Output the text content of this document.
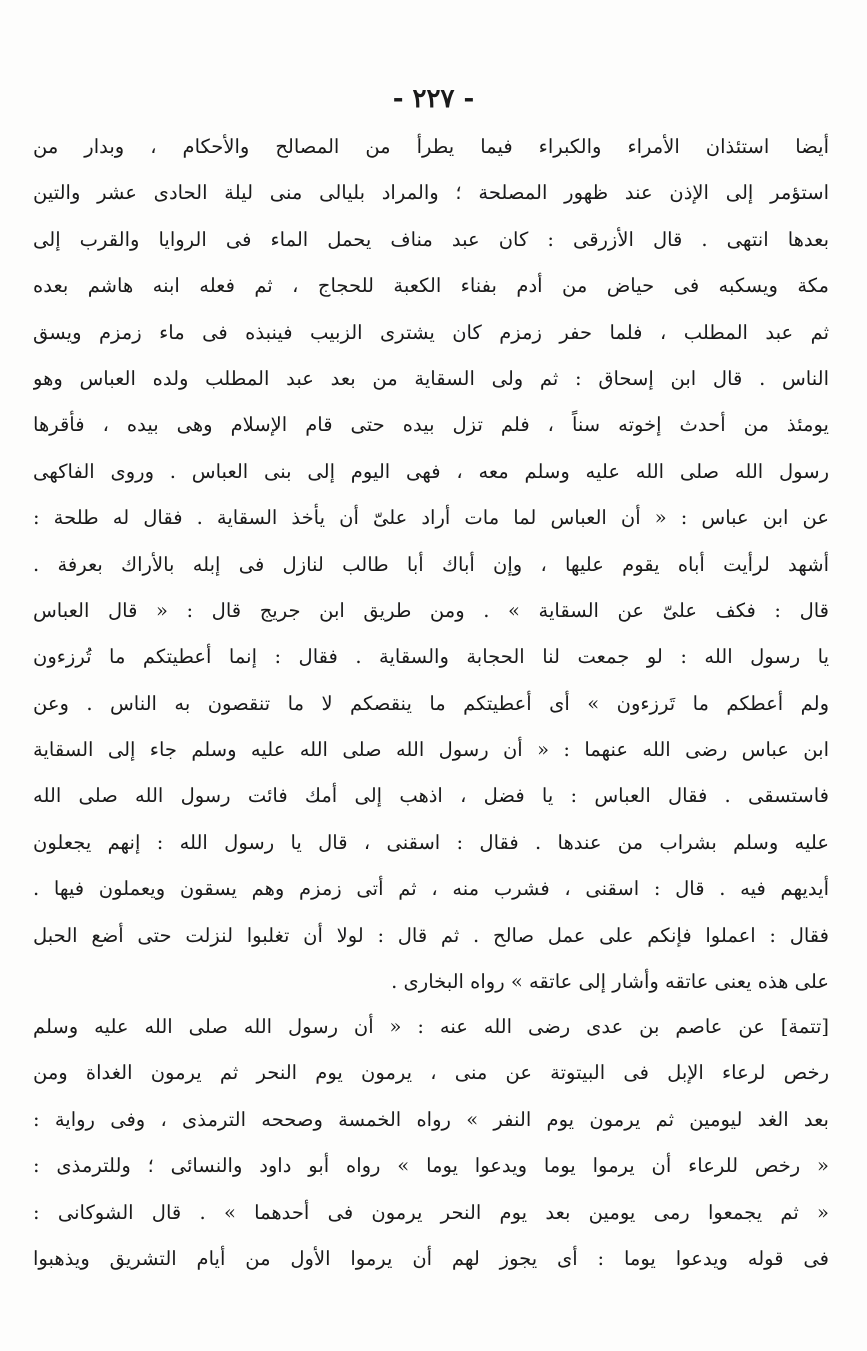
- ٢٢٧ -
أيضا استئذان الأمراء والكبراء فيما يطرأ من المصالح والأحكام ، وبدار من
استؤمر إلى الإذن عند ظهور المصلحة ؛ والمراد بليالى منى ليلة الحادى عشر والتين
بعدها انتهى . قال الأزرقى : كان عبد مناف يحمل الماء فى الروايا والقرب إلى
مكة ويسكبه فى حياض من أدم بفناء الكعبة للحجاج ، ثم فعله ابنه هاشم بعده
ثم عبد المطلب ، فلما حفر زمزم كان يشترى الزبيب فينبذه فى ماء زمزم ويسق
الناس . قال ابن إسحاق : ثم ولى السقاية من بعد عبد المطلب ولده العباس وهو
يومئذ من أحدث إخوته سناً ، فلم تزل بيده حتى قام الإسلام وهى بيده ، فأقرها
رسول الله صلى الله عليه وسلم معه ، فهى اليوم إلى بنى العباس . وروى الفاكهى
عن ابن عباس : « أن العباس لما مات أراد علىّ أن يأخذ السقاية . فقال له طلحة :
أشهد لرأيت أباه يقوم عليها ، وإن أباك أبا طالب لنازل فى إبله بالأراك بعرفة .
قال : فكف علىّ عن السقاية » . ومن طريق ابن جريج قال : « قال العباس
يا رسول الله : لو جمعت لنا الحجابة والسقاية . فقال : إنما أعطيتكم ما تُرزءون
ولم أعطكم ما تَرزءون » أى أعطيتكم ما ينقصكم لا ما تنقصون به الناس . وعن
ابن عباس رضى الله عنهما : « أن رسول الله صلى الله عليه وسلم جاء إلى السقاية
فاستسقى . فقال العباس : يا فضل ، اذهب إلى أمك فائت رسول الله صلى الله
عليه وسلم بشراب من عندها . فقال : اسقنى ، قال يا رسول الله : إنهم يجعلون
أيديهم فيه . قال : اسقنى ، فشرب منه ، ثم أتى زمزم وهم يسقون ويعملون فيها .
فقال : اعملوا فإنكم على عمل صالح . ثم قال : لولا أن تغلبوا لنزلت حتى أضع الحبل
على هذه يعنى عاتقه وأشار إلى عاتقه » رواه البخارى .
[تتمة] عن عاصم بن عدى رضى الله عنه : « أن رسول الله صلى الله عليه وسلم
رخص لرعاء الإبل فى البيتوتة عن منى ، يرمون يوم النحر ثم يرمون الغداة ومن
بعد الغد ليومين ثم يرمون يوم النفر » رواه الخمسة وصححه الترمذى ، وفى رواية :
« رخص للرعاء أن يرموا يوما ويدعوا يوما » رواه أبو داود والنسائى ؛ وللترمذى :
« ثم يجمعوا رمى يومين بعد يوم النحر يرمون فى أحدهما » . قال الشوكانى :
فى قوله ويدعوا يوما : أى يجوز لهم أن يرموا الأول من أيام التشريق ويذهبوا
